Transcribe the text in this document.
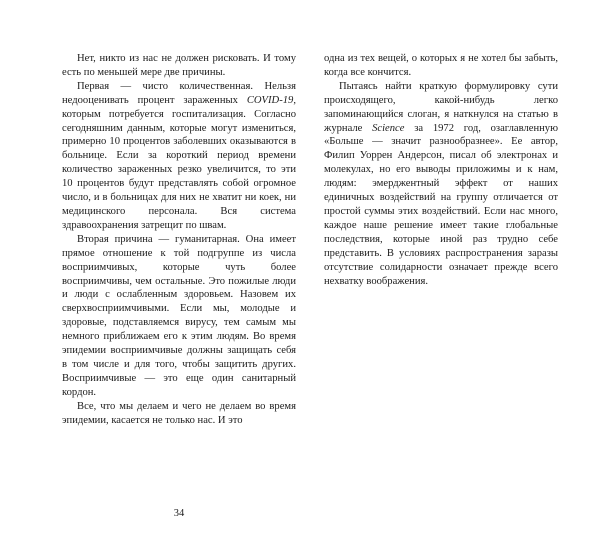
Нет, никто из нас не должен рисковать. И тому есть по меньшей мере две причины.

Первая — чисто количественная. Нельзя недооценивать процент зараженных COVID-19, которым потребуется госпитализация. Согласно сегодняшним данным, которые могут измениться, примерно 10 процентов заболевших оказываются в больнице. Если за короткий период времени количество зараженных резко увеличится, то эти 10 процентов будут представлять собой огромное число, и в больницах для них не хватит ни коек, ни медицинского персонала. Вся система здравоохранения затрещит по швам.

Вторая причина — гуманитарная. Она имеет прямое отношение к той подгруппе из числа восприимчивых, которые чуть более восприимчивы, чем остальные. Это пожилые люди и люди с ослабленным здоровьем. Назовем их сверхвосприимчивыми. Если мы, молодые и здоровые, подставляемся вирусу, тем самым мы немного приближаем его к этим людям. Во время эпидемии восприимчивые должны защищать себя в том числе и для того, чтобы защитить других. Восприимчивые — это еще один санитарный кордон.

Все, что мы делаем и чего не делаем во время эпидемии, касается не только нас. И это

одна из тех вещей, о которых я не хотел бы забыть, когда все кончится.

Пытаясь найти краткую формулировку сути происходящего, какой-нибудь легко запоминающийся слоган, я наткнулся на статью в журнале Science за 1972 год, озаглавленную «Больше — значит разнообразнее». Ее автор, Филип Уоррен Андерсон, писал об электронах и молекулах, но его выводы приложимы и к нам, людям: эмерджентный эффект от наших единичных воздействий на группу отличается от простой суммы этих воздействий. Если нас много, каждое наше решение имеет такие глобальные последствия, которые иной раз трудно себе представить. В условиях распространения заразы отсутствие солидарности означает прежде всего нехватку воображения.

34
